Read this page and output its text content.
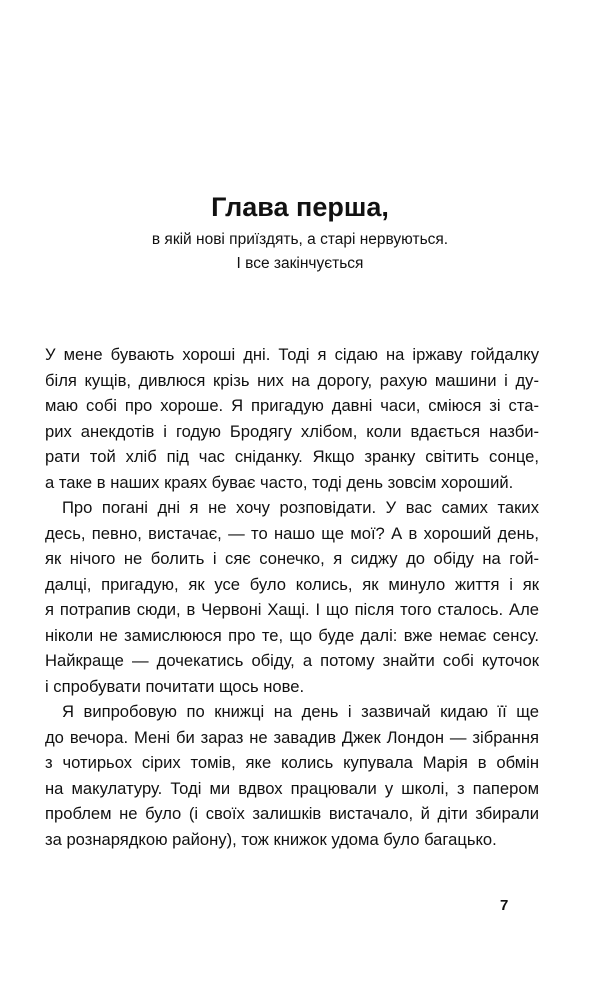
Глава перша,
в якій нові приїздять, а старі нервуються.
І все закінчується
У мене бувають хороші дні. Тоді я сідаю на іржаву гойдалку
біля кущів, дивлюся крізь них на дорогу, рахую машини і ду-
маю собі про хороше. Я пригадую давні часи, сміюся зі ста-
рих анекдотів і годую Бродягу хлібом, коли вдається назби-
рати той хліб під час сніданку. Якщо зранку світить сонце,
а таке в наших краях буває часто, тоді день зовсім хороший.
Про погані дні я не хочу розповідати. У вас самих таких
десь, певно, вистачає, — то нашо ще мої? А в хороший день,
як нічого не болить і сяє сонечко, я сиджу до обіду на гой-
далці, пригадую, як усе було колись, як минуло життя і як
я потрапив сюди, в Червоні Хащі. І що після того сталось. Але
ніколи не замислююся про те, що буде далі: вже немає сенсу.
Найкраще — дочекатись обіду, а потому знайти собі куточок
і спробувати почитати щось нове.
Я випробовую по книжці на день і зазвичай кидаю її ще
до вечора. Мені би зараз не завадив Джек Лондон — зібрання
з чотирьох сірих томів, яке колись купувала Марія в обмін
на макулатуру. Тоді ми вдвох працювали у школі, з папером
проблем не було (і своїх залишків вистачало, й діти збирали
за рознарядкою району), тож книжок удома було багацько.
7
